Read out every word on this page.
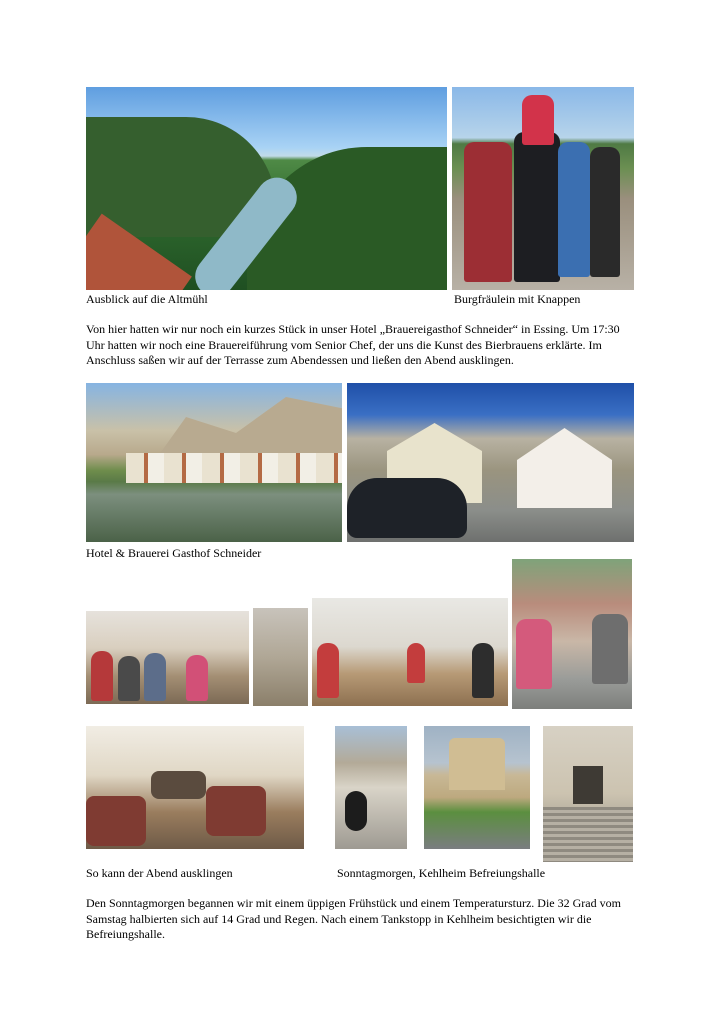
Ausblick auf die Altmühl	Burgfräulein mit Knappen
Von hier hatten wir nur noch ein kurzes Stück in unser Hotel „Brauereigasthof Schneider“ in Essing. Um 17:30 Uhr hatten wir noch eine Brauereiführung vom Senior Chef, der uns die Kunst des Bierbrauens erklärte. Im Anschluss saßen wir auf der Terrasse zum Abendessen und ließen den Abend ausklingen.
Hotel & Brauerei Gasthof Schneider
So kann der Abend ausklingen	Sonntagmorgen, Kehlheim Befreiungshalle
Den Sonntagmorgen begannen wir mit einem üppigen Frühstück und einem Temperatursturz. Die 32 Grad vom Samstag halbierten sich auf 14 Grad und Regen. Nach einem Tankstopp in Kehlheim besichtigten wir die Befreiungshalle.
